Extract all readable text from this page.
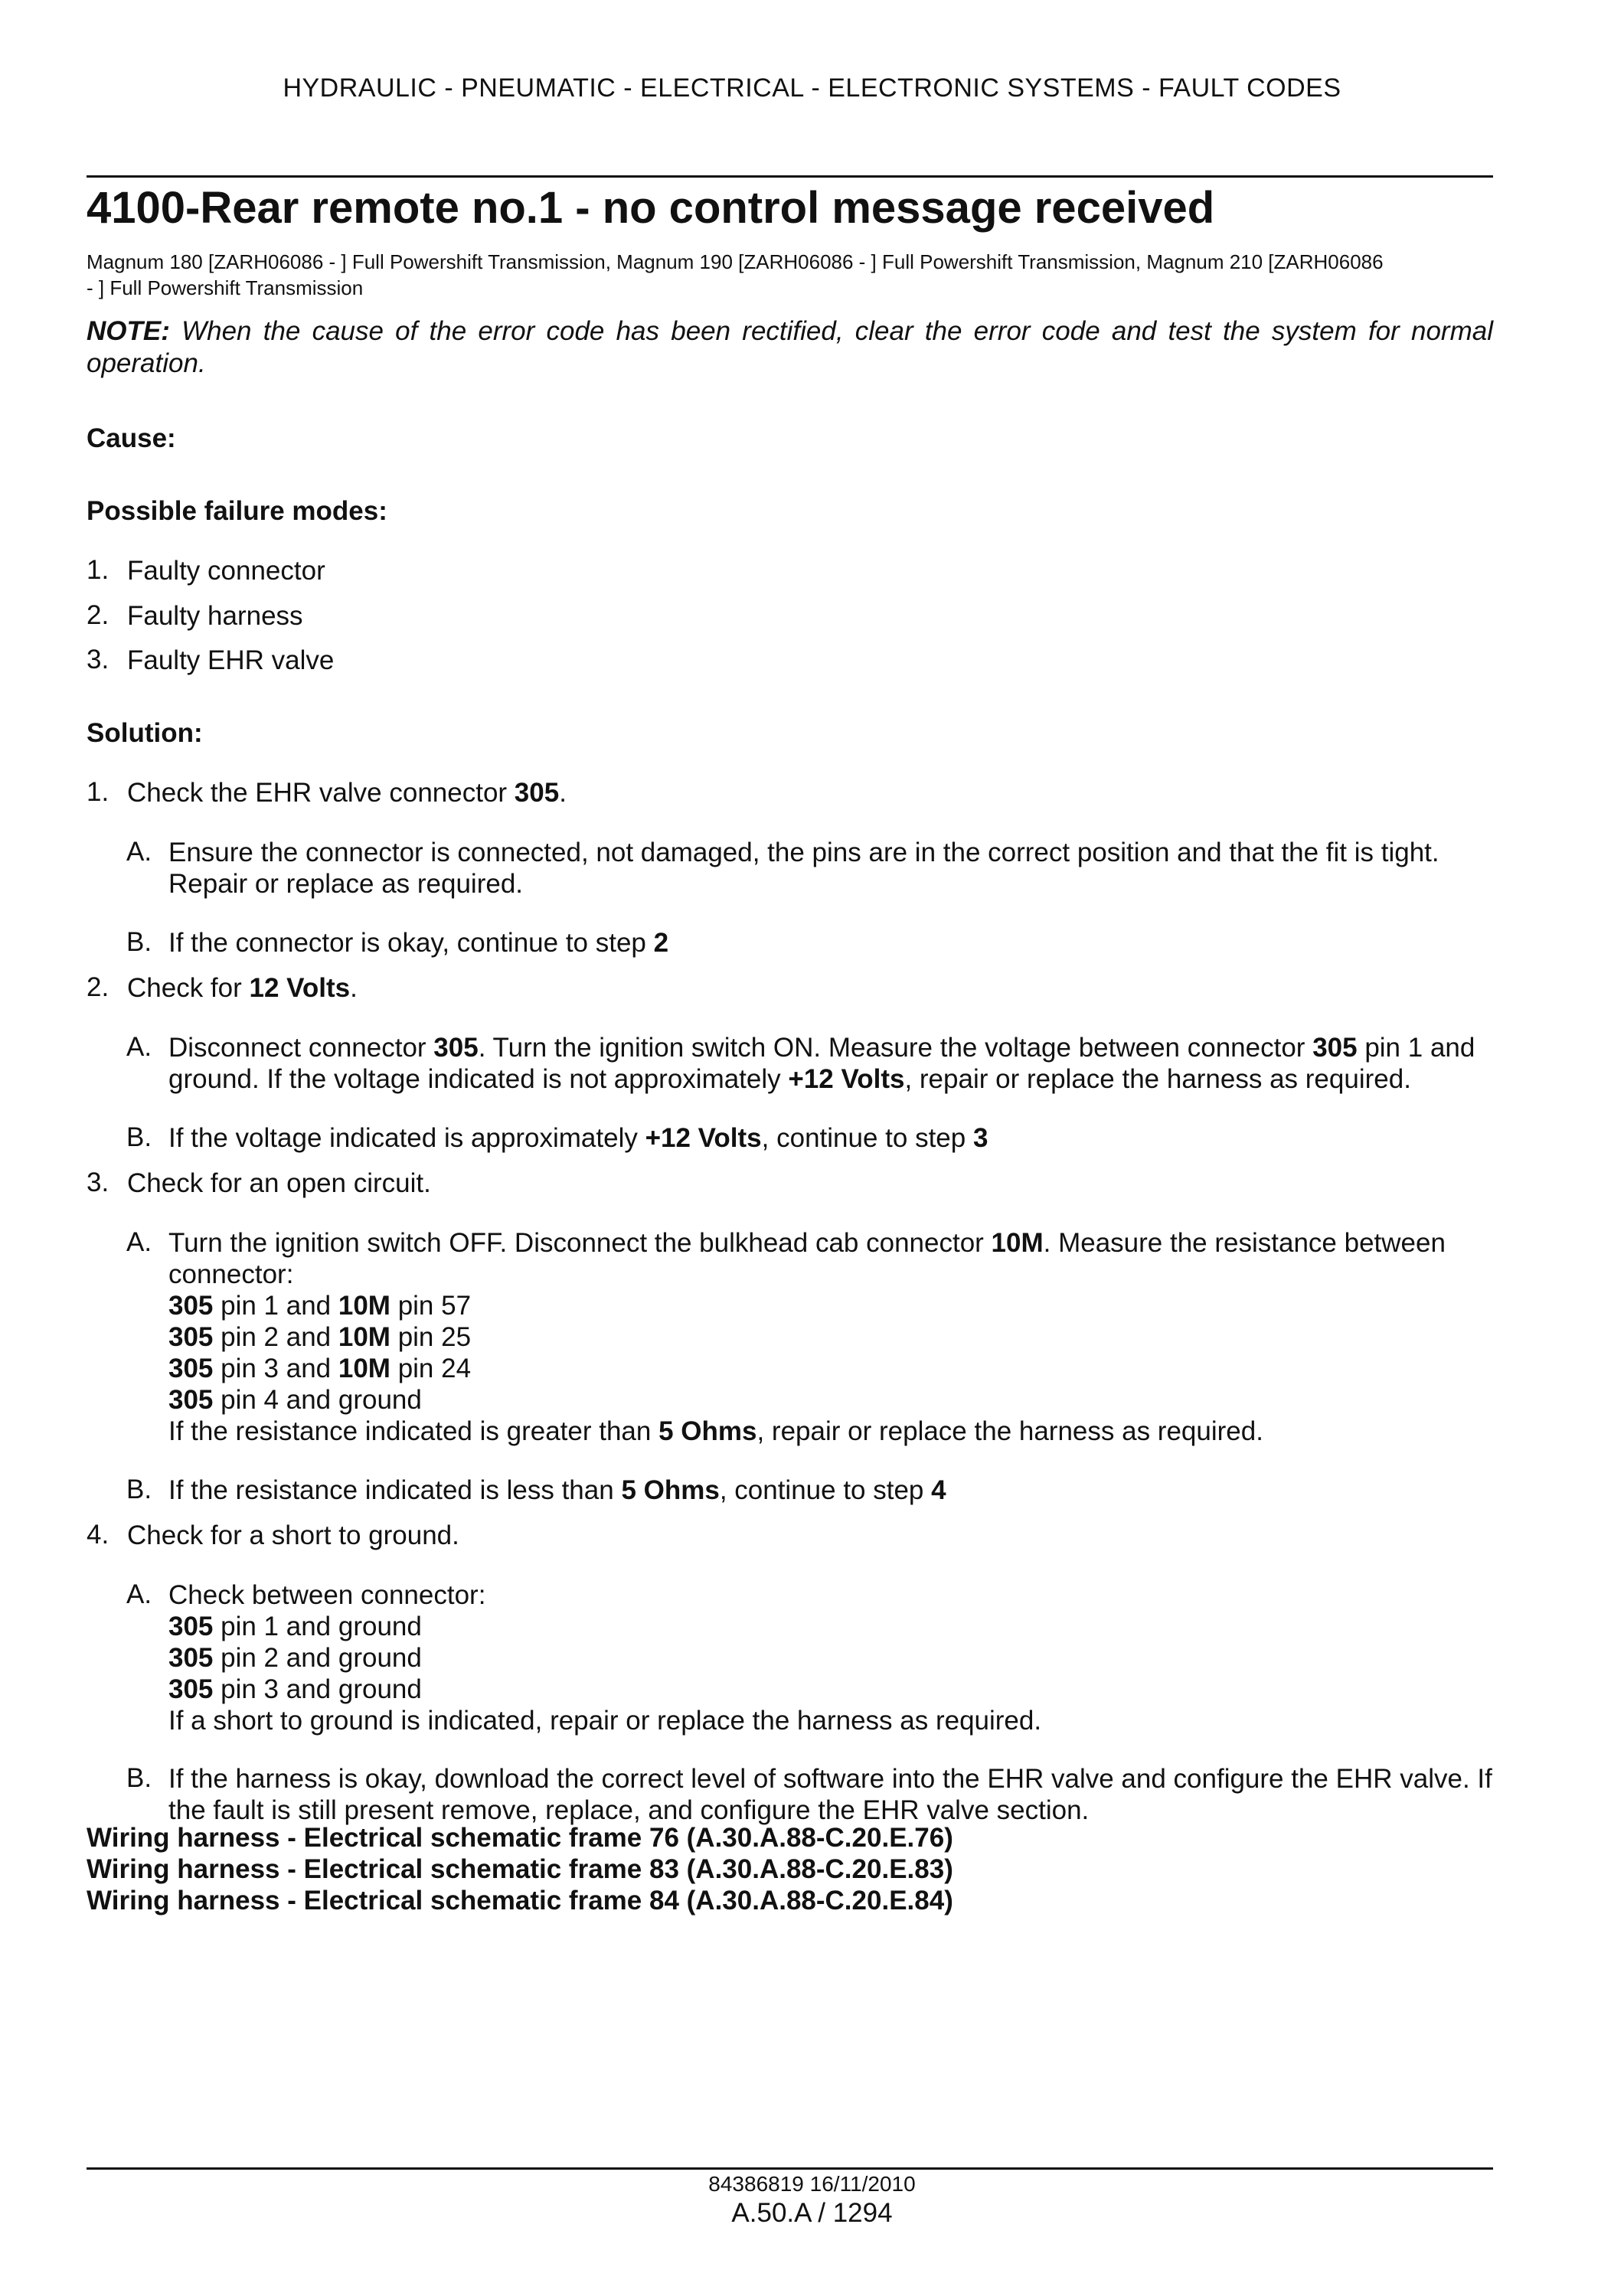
HYDRAULIC - PNEUMATIC - ELECTRICAL - ELECTRONIC SYSTEMS - FAULT CODES
4100-Rear remote no.1 - no control message received
Magnum 180 [ZARH06086 - ] Full Powershift Transmission, Magnum 190 [ZARH06086 - ] Full Powershift Transmission, Magnum 210 [ZARH06086
- ] Full Powershift Transmission
NOTE: When the cause of the error code has been rectified, clear the error code and test the system for normal operation.
Cause:
Possible failure modes:
1. Faulty connector
2. Faulty harness
3. Faulty EHR valve
Solution:
1. Check the EHR valve connector 305.
A. Ensure the connector is connected, not damaged, the pins are in the correct position and that the fit is tight. Repair or replace as required.
B. If the connector is okay, continue to step 2
2. Check for 12 Volts.
A. Disconnect connector 305. Turn the ignition switch ON. Measure the voltage between connector 305 pin 1 and ground. If the voltage indicated is not approximately +12 Volts, repair or replace the harness as required.
B. If the voltage indicated is approximately +12 Volts, continue to step 3
3. Check for an open circuit.
A. Turn the ignition switch OFF. Disconnect the bulkhead cab connector 10M. Measure the resistance between connector:
305 pin 1 and 10M pin 57
305 pin 2 and 10M pin 25
305 pin 3 and 10M pin 24
305 pin 4 and ground
If the resistance indicated is greater than 5 Ohms, repair or replace the harness as required.
B. If the resistance indicated is less than 5 Ohms, continue to step 4
4. Check for a short to ground.
A. Check between connector:
305 pin 1 and ground
305 pin 2 and ground
305 pin 3 and ground
If a short to ground is indicated, repair or replace the harness as required.
B. If the harness is okay, download the correct level of software into the EHR valve and configure the EHR valve. If the fault is still present remove, replace, and configure the EHR valve section.
Wiring harness - Electrical schematic frame 76 (A.30.A.88-C.20.E.76)
Wiring harness - Electrical schematic frame 83 (A.30.A.88-C.20.E.83)
Wiring harness - Electrical schematic frame 84 (A.30.A.88-C.20.E.84)
84386819 16/11/2010
A.50.A / 1294
